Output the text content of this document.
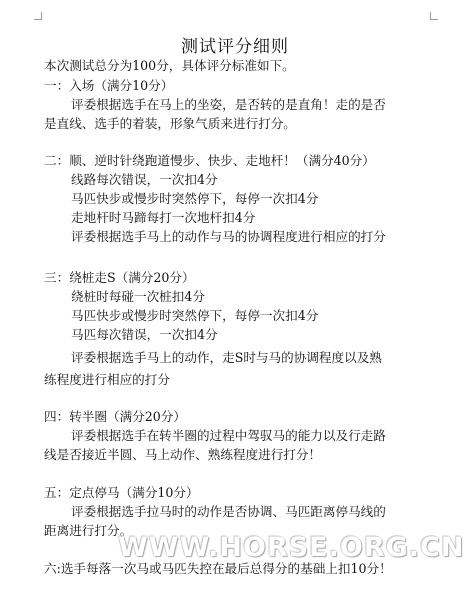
测试评分细则
本次测试总分为100分，具体评分标准如下。
一：入场（满分10分）
评委根据选手在马上的坐姿，是否转的是直角！走的是否
是直线、选手的着装，形象气质来进行打分。
二：顺、逆时针绕跑道慢步、快步、走地杆！（满分40分）
线路每次错误，一次扣4分
马匹快步或慢步时突然停下，每停一次扣4分
走地杆时马蹄每打一次地杆扣4分
评委根据选手马上的动作与马的协调程度进行相应的打分
三：绕桩走S（满分20分）
绕桩时每碰一次桩扣4分
马匹快步或慢步时突然停下，每停一次扣4分
马匹每次错误，一次扣4分
评委根据选手马上的动作，走S时与马的协调程度以及熟
练程度进行相应的打分
四：转半圈（满分20分）
评委根据选手在转半圈的过程中驾驭马的能力以及行走路
线是否接近半圆、马上动作、熟练程度进行打分！
五：定点停马（满分10分）
评委根据选手拉马时的动作是否协调、马匹距离停马线的
距离进行打分。
WWW.HORSE.ORG.CN
六:选手每落一次马或马匹失控在最后总得分的基础上扣10分！
